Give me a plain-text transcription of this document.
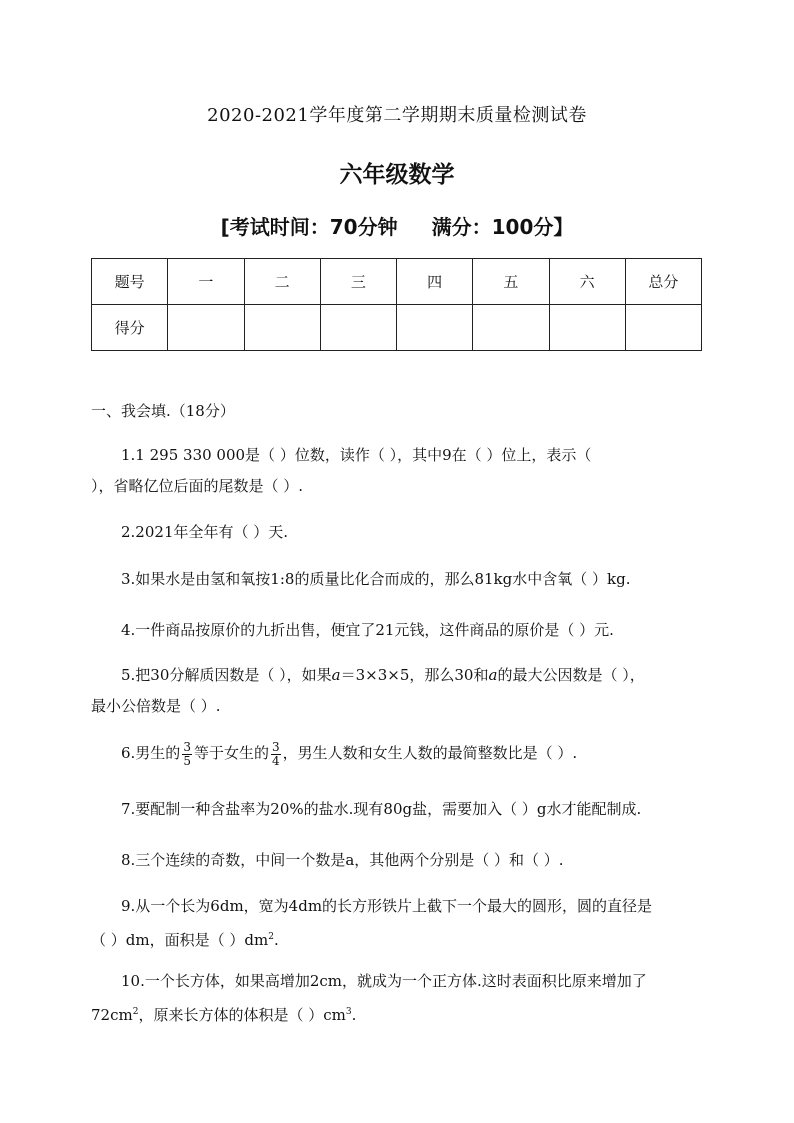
2020-2021学年度第二学期期末质量检测试卷
六年级数学
[考试时间：70分钟 满分：100分】
题号	一	二	三	四	五	六	总分
得分							
一、我会填.（18分）
1.1 295 330 000是（ ）位数，读作（ ），其中9在（ ）位上，表示（
），省略亿位后面的尾数是（ ）.
2.2021年全年有（ ）天.
3.如果水是由氢和氧按1:8的质量比化合而成的，那么81kg水中含氧（ ）kg.
4.一件商品按原价的九折出售，便宜了21元钱，这件商品的原价是（ ）元.
5.把30分解质因数是（ ），如果a＝3×3×5，那么30和a的最大公因数是（ ），
最小公倍数是（ ）.
6.男生的 $\frac{3}{5}$ 等于女生的 $\frac{3}{4}$ ，男生人数和女生人数的最简整数比是（ ）.
7.要配制一种含盐率为20%的盐水.现有80g盐，需要加入（ ）g水才能配制成.
8.三个连续的奇数，中间一个数是a，其他两个分别是（ ）和（ ）.
9.从一个长为6dm，宽为4dm的长方形铁片上截下一个最大的圆形，圆的直径是
（ ）dm，面积是（ ）$dm^2$.
10.一个长方体，如果高增加2cm，就成为一个正方体.这时表面积比原来增加了
$72cm^2$，原来长方体的体积是（ ）$cm^3$.
